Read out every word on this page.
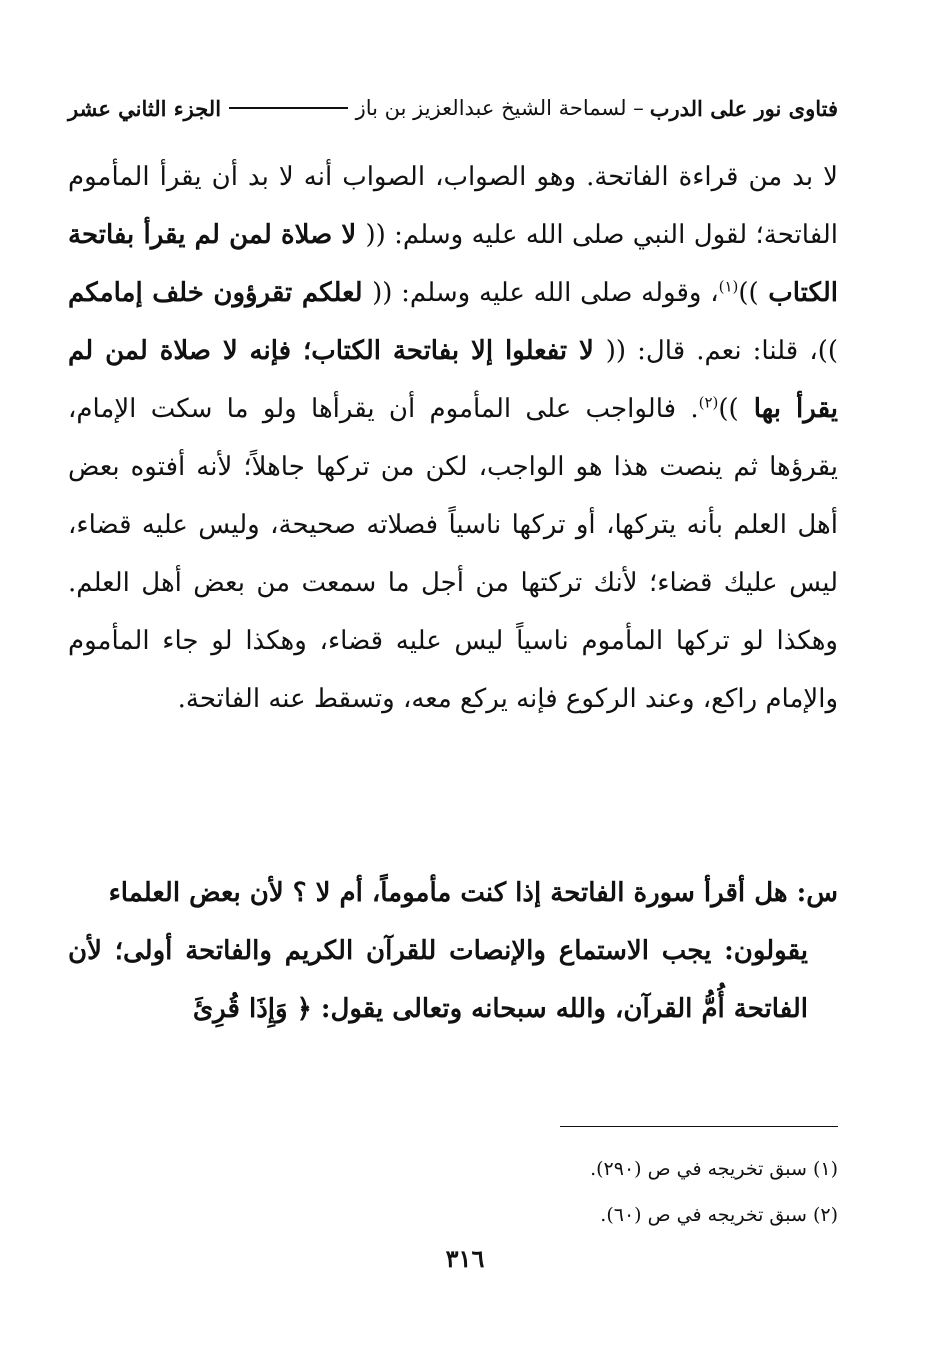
فتاوى نور على الدرب
– لسماحة الشيخ عبدالعزيز بن باز
الجزء الثاني عشر

لا بد من قراءة الفاتحة. وهو الصواب، الصواب أنه لا بد أن يقرأ المأموم الفاتحة؛ لقول النبي صلى الله عليه وسلم: (( لا صلاة لمن لم يقرأ بفاتحة الكتاب ))$^{(١)}$، وقوله صلى الله عليه وسلم: (( لعلكم تقرؤون خلف إمامكم ))، قلنا: نعم. قال: (( لا تفعلوا إلا بفاتحة الكتاب؛ فإنه لا صلاة لمن لم يقرأ بها ))$^{(٢)}$. فالواجب على المأموم أن يقرأها ولو ما سكت الإمام، يقرؤها ثم ينصت هذا هو الواجب، لكن من تركها جاهلاً؛ لأنه أفتوه بعض أهل العلم بأنه يتركها، أو تركها ناسياً فصلاته صحيحة، وليس عليه قضاء، ليس عليك قضاء؛ لأنك تركتها من أجل ما سمعت من بعض أهل العلم. وهكذا لو تركها المأموم ناسياً ليس عليه قضاء، وهكذا لو جاء المأموم والإمام راكع، وعند الركوع فإنه يركع معه، وتسقط عنه الفاتحة.

س: هل أقرأ سورة الفاتحة إذا كنت مأموماً، أم لا ؟ لأن بعض العلماء

يقولون: يجب الاستماع والإنصات للقرآن الكريم والفاتحة أولى؛ لأن الفاتحة أُمُّ القرآن، والله سبحانه وتعالى يقول: ﴿ وَإِذَا قُرِئَ

(١) سبق تخريجه في ص (٢٩٠).
(٢) سبق تخريجه في ص (٦٠).
٣١٦
